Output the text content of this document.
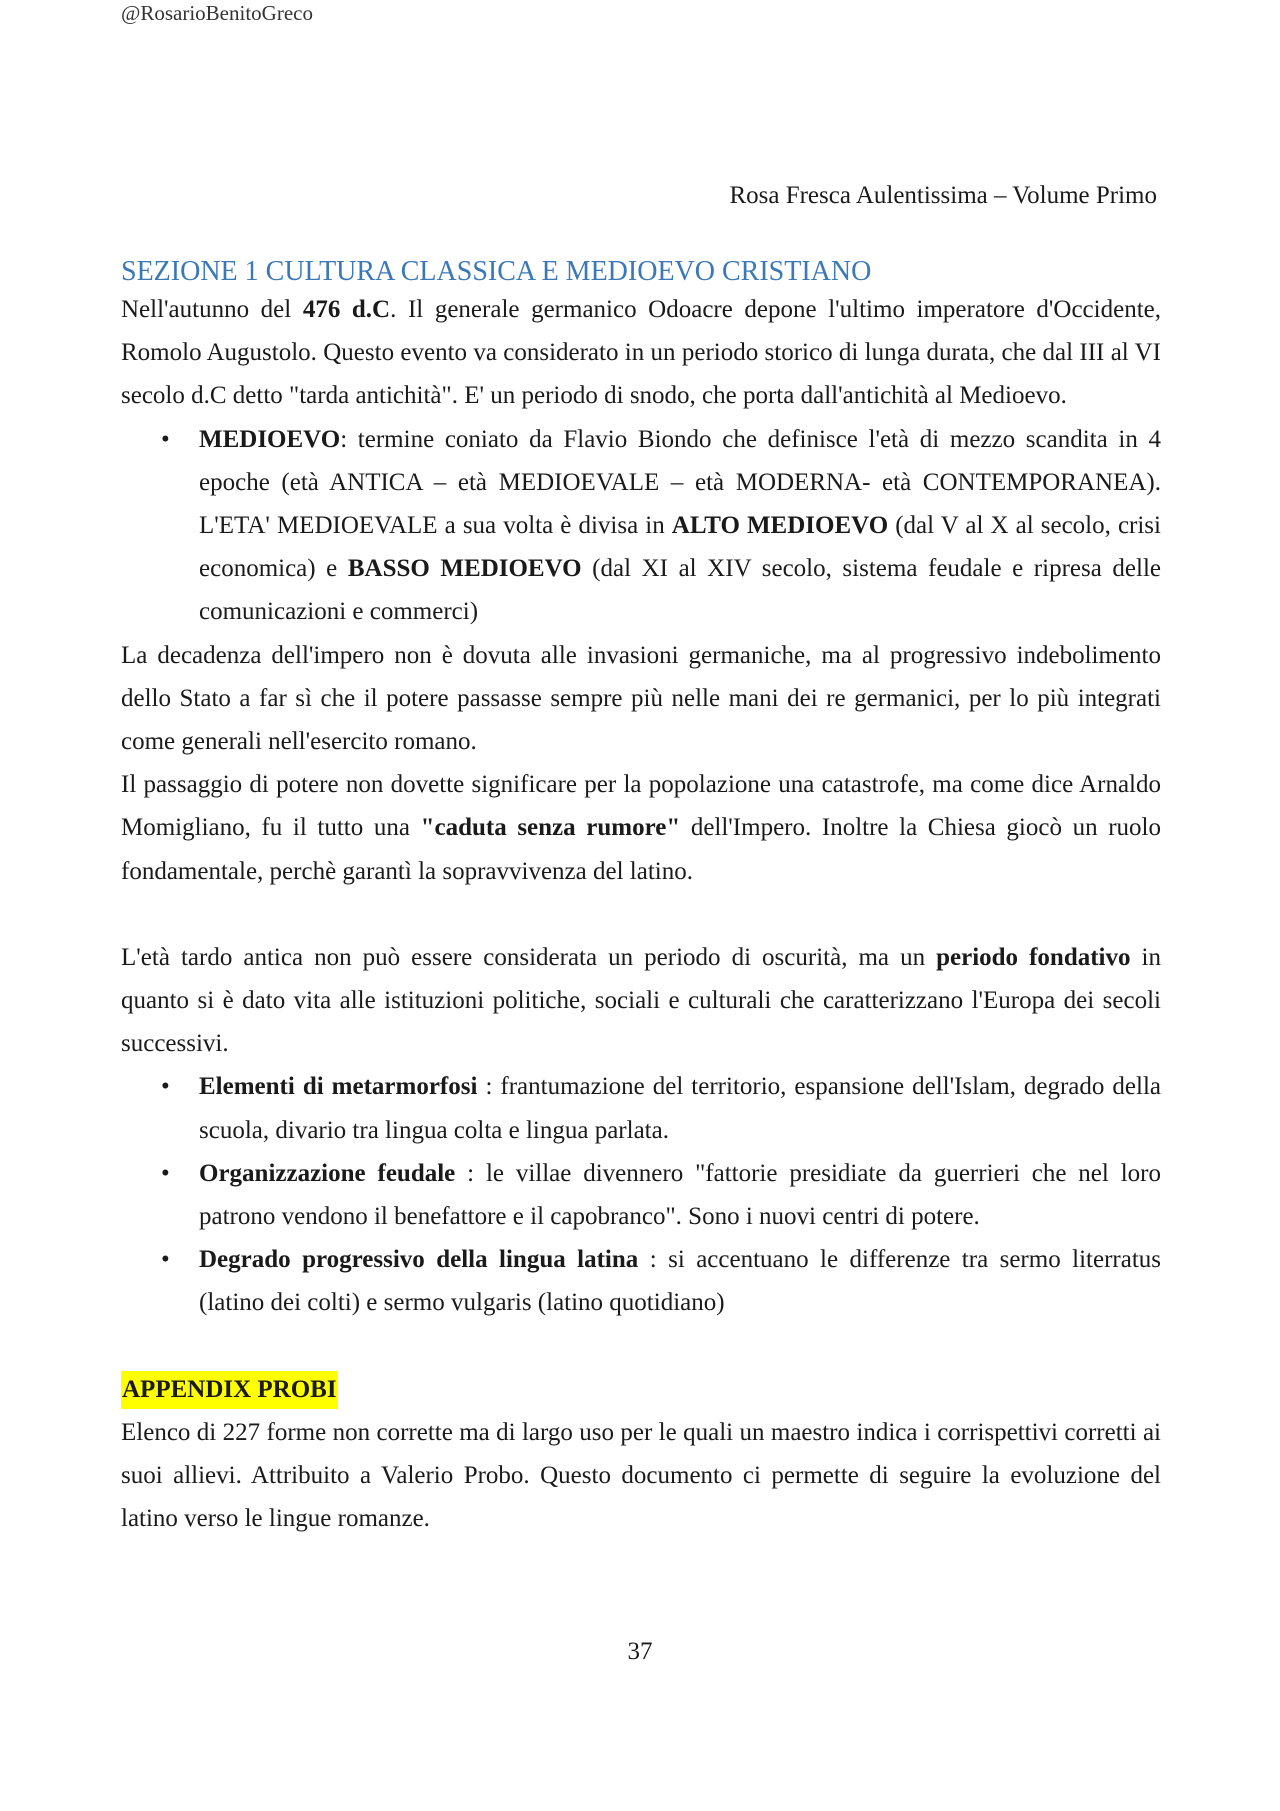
@RosarioBenitoGreco
Rosa Fresca Aulentissima – Volume Primo
SEZIONE 1 CULTURA CLASSICA E MEDIOEVO CRISTIANO

Nell'autunno del 476 d.C. Il generale germanico Odoacre depone l'ultimo imperatore d'Occidente, Romolo Augustolo. Questo evento va considerato in un periodo storico di lunga durata, che dal III al VI secolo d.C detto "tarda antichità". E' un periodo di snodo, che porta dall'antichità al Medioevo.

• MEDIOEVO: termine coniato da Flavio Biondo che definisce l'età di mezzo scandita in 4 epoche (età ANTICA – età MEDIOEVALE – età MODERNA- età CONTEMPORANEA). L'ETA' MEDIOEVALE a sua volta è divisa in ALTO MEDIOEVO (dal V al X al secolo, crisi economica) e BASSO MEDIOEVO (dal XI al XIV secolo, sistema feudale e ripresa delle comunicazioni e commerci)

La decadenza dell'impero non è dovuta alle invasioni germaniche, ma al progressivo indebolimento dello Stato a far sì che il potere passasse sempre più nelle mani dei re germanici, per lo più integrati come generali nell'esercito romano.

Il passaggio di potere non dovette significare per la popolazione una catastrofe, ma come dice Arnaldo Momigliano, fu il tutto una "caduta senza rumore" dell'Impero. Inoltre la Chiesa giocò un ruolo fondamentale, perchè garantì la sopravvivenza del latino.

L'età tardo antica non può essere considerata un periodo di oscurità, ma un periodo fondativo in quanto si è dato vita alle istituzioni politiche, sociali e culturali che caratterizzano l'Europa dei secoli successivi.

• Elementi di metarmorfosi : frantumazione del territorio, espansione dell'Islam, degrado della scuola, divario tra lingua colta e lingua parlata.
• Organizzazione feudale : le villae divennero "fattorie presidiate da guerrieri che nel loro patrono vendono il benefattore e il capobranco". Sono i nuovi centri di potere.
• Degrado progressivo della lingua latina : si accentuano le differenze tra sermo literratus (latino dei colti) e sermo vulgaris (latino quotidiano)
APPENDIX PROBI

Elenco di 227 forme non corrette ma di largo uso per le quali un maestro indica i corrispettivi corretti ai suoi allievi. Attribuito a Valerio Probo. Questo documento ci permette di seguire la evoluzione del latino verso le lingue romanze.

37
